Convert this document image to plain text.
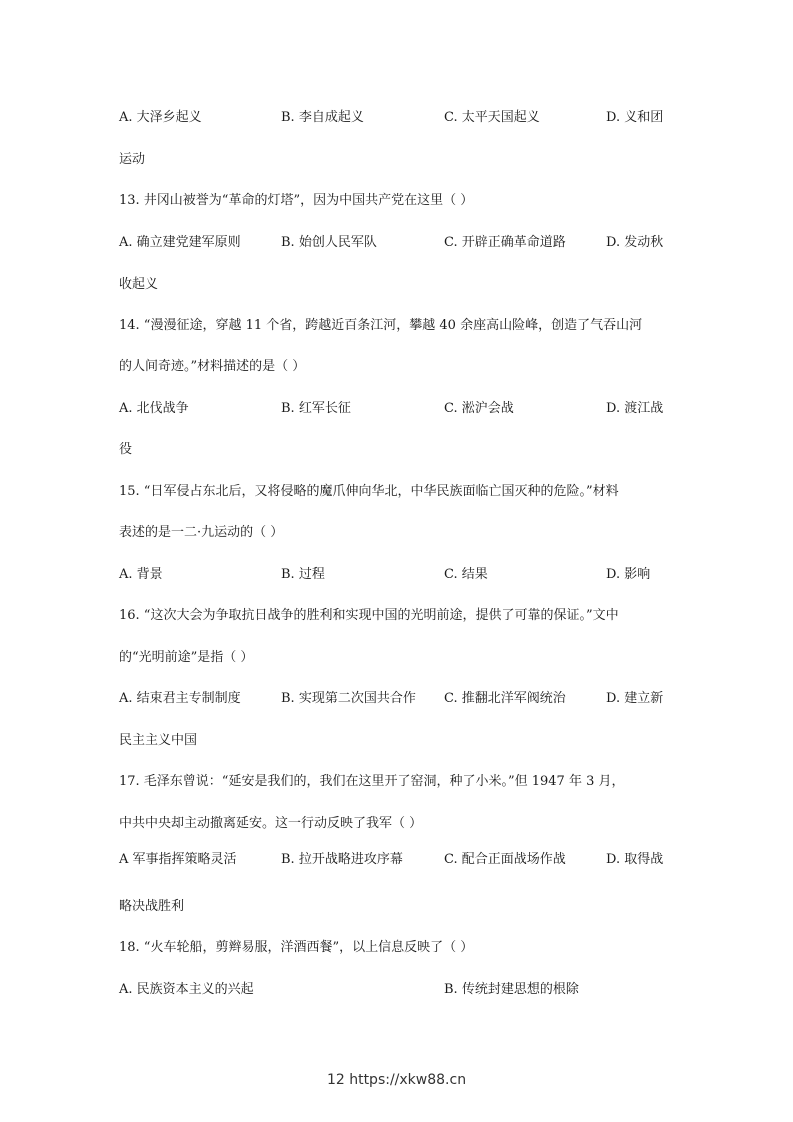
A. 大泽乡起义	B. 李自成起义	C. 太平天国起义	D. 义和团
运动
13. 井冈山被誉为“革命的灯塔”，因为中国共产党在这里（ ）
A. 确立建党建军原则	B. 始创人民军队	C. 开辟正确革命道路	D. 发动秋
收起义
14. “漫漫征途，穿越 11 个省，跨越近百条江河，攀越 40 余座高山险峰，创造了气吞山河
的人间奇迹。”材料描述的是（ ）
A. 北伐战争	B. 红军长征	C. 淞沪会战	D. 渡江战
役
15. “日军侵占东北后，又将侵略的魔爪伸向华北，中华民族面临亡国灭种的危险。”材料
表述的是一二·九运动的（ ）
A. 背景	B. 过程	C. 结果	D. 影响
16. “这次大会为争取抗日战争的胜利和实现中国的光明前途，提供了可靠的保证。”文中
的“光明前途”是指（ ）
A. 结束君主专制制度	B. 实现第二次国共合作 C. 推翻北洋军阀统治	D. 建立新
民主主义中国
17. 毛泽东曾说：“延安是我们的，我们在这里开了窑洞，种了小米。”但 1947 年 3 月，
中共中央却主动撤离延安。这一行动反映了我军（ ）
A 军事指挥策略灵活	B. 拉开战略进攻序幕	C. 配合正面战场作战	D. 取得战
略决战胜利
18. “火车轮船，剪辫易服，洋酒西餐”，以上信息反映了（ ）
A. 民族资本主义的兴起	B. 传统封建思想的根除
12 https://xkw88.cn
